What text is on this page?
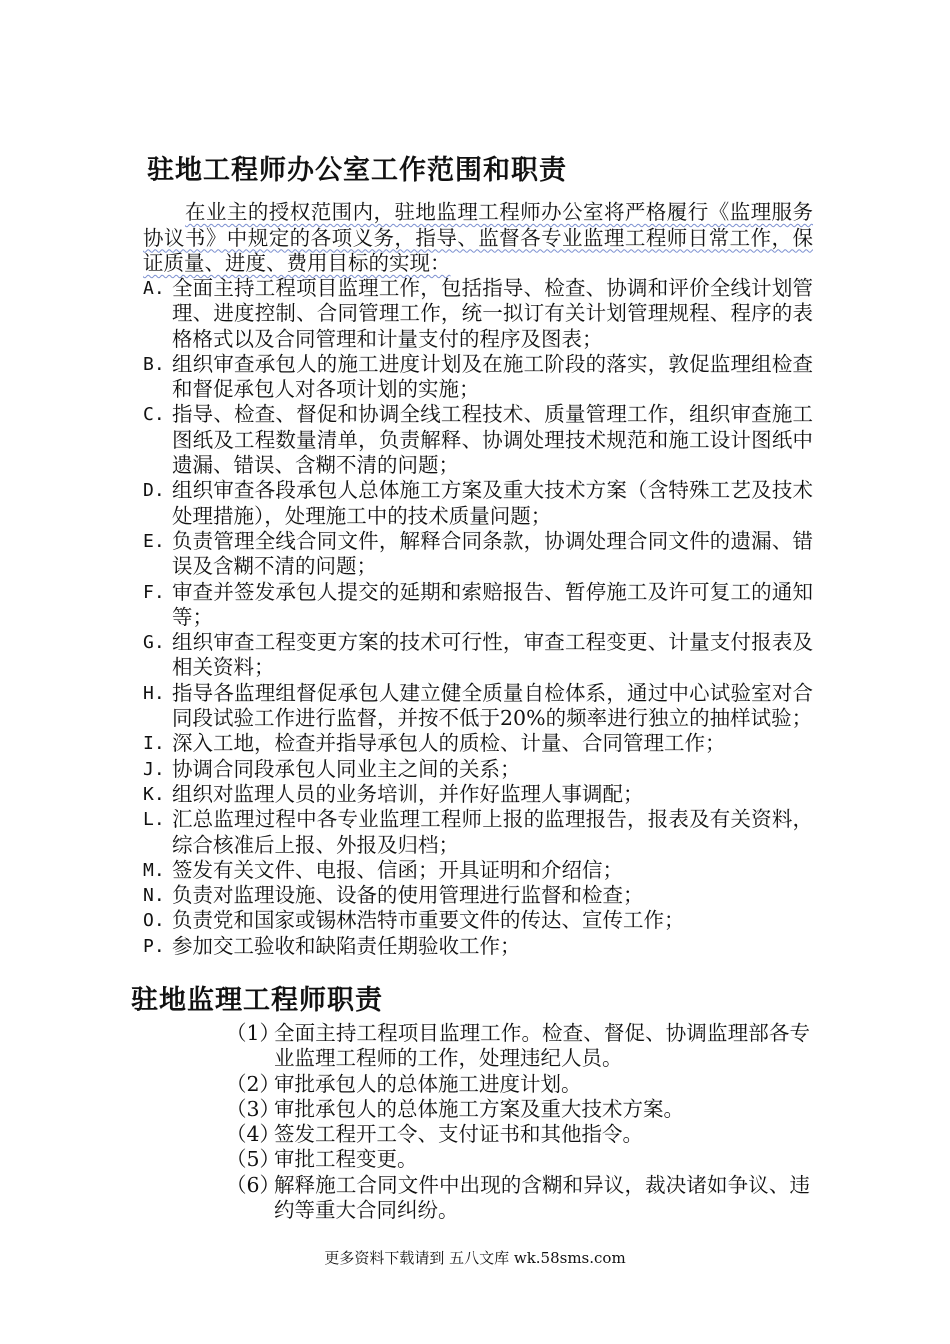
驻地工程师办公室工作范围和职责

在业主的授权范围内，驻地监理工程师办公室将严格履行《监理服务协议书》中规定的各项义务，指导、监督各专业监理工程师日常工作，保证质量、进度、费用目标的实现：

A. 全面主持工程项目监理工作，包括指导、检查、协调和评价全线计划管理、进度控制、合同管理工作，统一拟订有关计划管理规程、程序的表格格式以及合同管理和计量支付的程序及图表；
B. 组织审查承包人的施工进度计划及在施工阶段的落实，敦促监理组检查和督促承包人对各项计划的实施；
C. 指导、检查、督促和协调全线工程技术、质量管理工作，组织审查施工图纸及工程数量清单，负责解释、协调处理技术规范和施工设计图纸中遗漏、错误、含糊不清的问题；
D. 组织审查各段承包人总体施工方案及重大技术方案（含特殊工艺及技术处理措施），处理施工中的技术质量问题；
E. 负责管理全线合同文件，解释合同条款，协调处理合同文件的遗漏、错误及含糊不清的问题；
F. 审查并签发承包人提交的延期和索赔报告、暂停施工及许可复工的通知等；
G. 组织审查工程变更方案的技术可行性，审查工程变更、计量支付报表及相关资料；
H. 指导各监理组督促承包人建立健全质量自检体系，通过中心试验室对合同段试验工作进行监督，并按不低于20%的频率进行独立的抽样试验；
I. 深入工地，检查并指导承包人的质检、计量、合同管理工作；
J. 协调合同段承包人同业主之间的关系；
K. 组织对监理人员的业务培训，并作好监理人事调配；
L. 汇总监理过程中各专业监理工程师上报的监理报告，报表及有关资料，综合核准后上报、外报及归档；
M. 签发有关文件、电报、信函；开具证明和介绍信；
N. 负责对监理设施、设备的使用管理进行监督和检查；
O. 负责党和国家或锡林浩特市重要文件的传达、宣传工作；
P. 参加交工验收和缺陷责任期验收工作；
驻地监理工程师职责
（1）
全面主持工程项目监理工作。检查、督促、协调监理部各专业监理工程师的工作，处理违纪人员。
（2）
审批承包人的总体施工进度计划。
（3）
审批承包人的总体施工方案及重大技术方案。
（4）
签发工程开工令、支付证书和其他指令。
（5）
审批工程变更。
（6）
解释施工合同文件中出现的含糊和异议，裁决诸如争议、违约等重大合同纠纷。
更多资料下载请到 五八文库 wk.58sms.com
